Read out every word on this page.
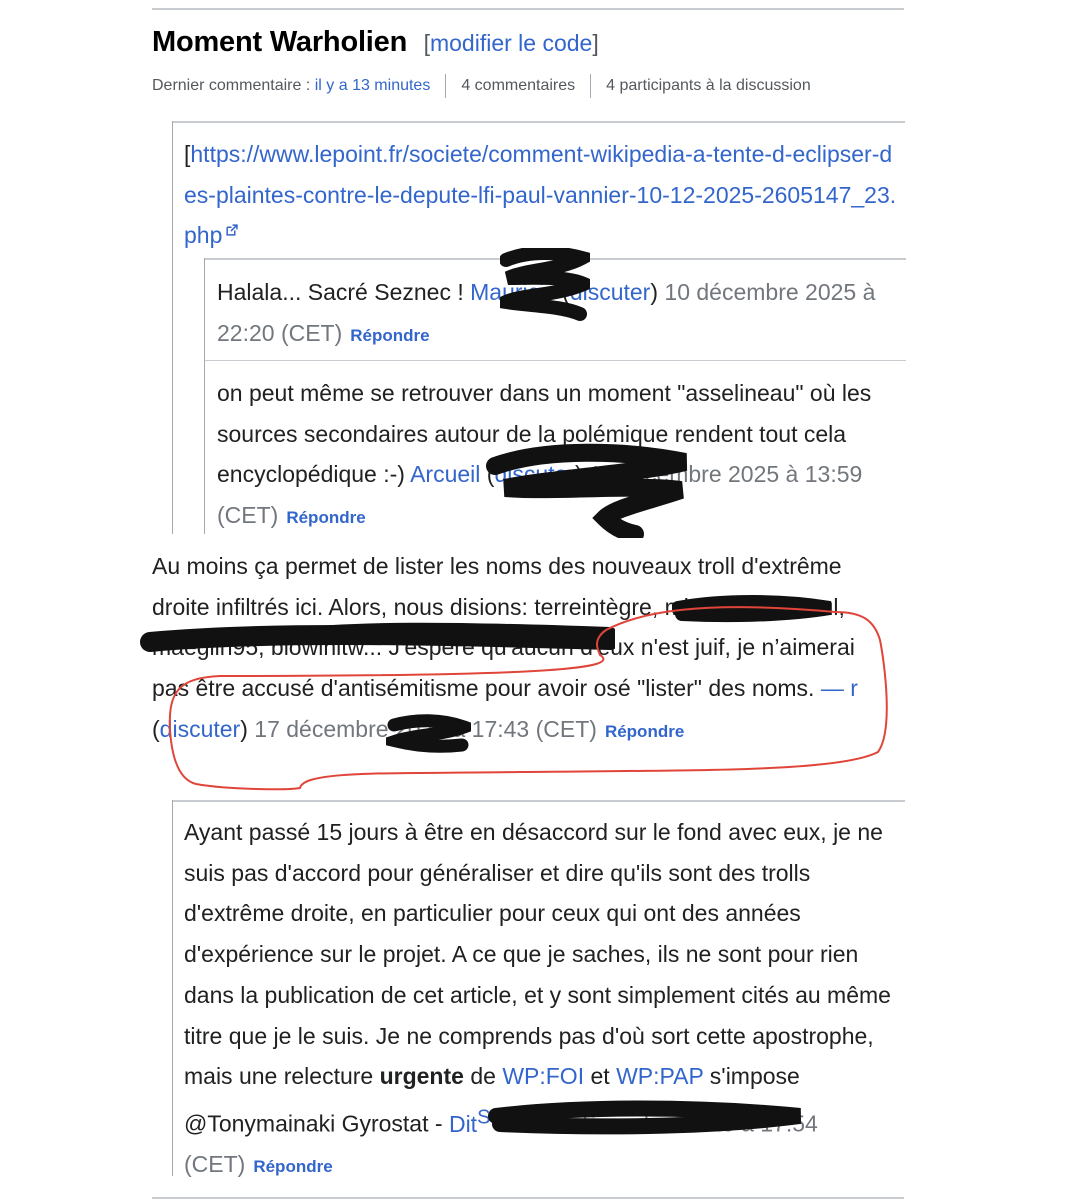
Moment Warholien [modifier le code]
Dernier commentaire : il y a 13 minutes 4 commentaires 4 participants à la discussion
[https://www.lepoint.fr/societe/comment-wikipedia-a-tente-d-eclipser-des-plaintes-contre-le-depute-lfi-paul-vannier-10-12-2025-2605147_23.php
Halala... Sacré Seznec ! Mauricis (discuter) 10 décembre 2025 à 22:20 (CET) Répondre
on peut même se retrouver dans un moment "asselineau" où les sources secondaires autour de la polémique rendent tout cela encyclopédique :-) Arcueil (discuter) 11 décembre 2025 à 13:59 (CET) Répondre
Au moins ça permet de lister les noms des nouveaux troll d'extrême droite infiltrés ici. Alors, nous disions: terreintègre, michael boutboul, maeglin95, blowinitw... J'espère qu'aucun d'eux n'est juif, je n’aimerai pas être accusé d'antisémitisme pour avoir osé "lister" des noms. — r (discuter) 17 décembre 2025 à 17:43 (CET) Répondre
Ayant passé 15 jours à être en désaccord sur le fond avec eux, je ne suis pas d'accord pour généraliser et dire qu'ils sont des trolls d'extrême droite, en particulier pour ceux qui ont des années d'expérience sur le projet. A ce que je saches, ils ne sont pour rien dans la publication de cet article, et y sont simplement cités au même titre que je le suis. Je ne comprends pas d'où sort cette apostrophe, mais une relecture urgente de WP:FOI et WP:PAP s'impose @Tonymainaki Gyrostat - Dit$^{S'Cuté}$ 17 décembre 2025 à 17:54 (CET) Répondre
